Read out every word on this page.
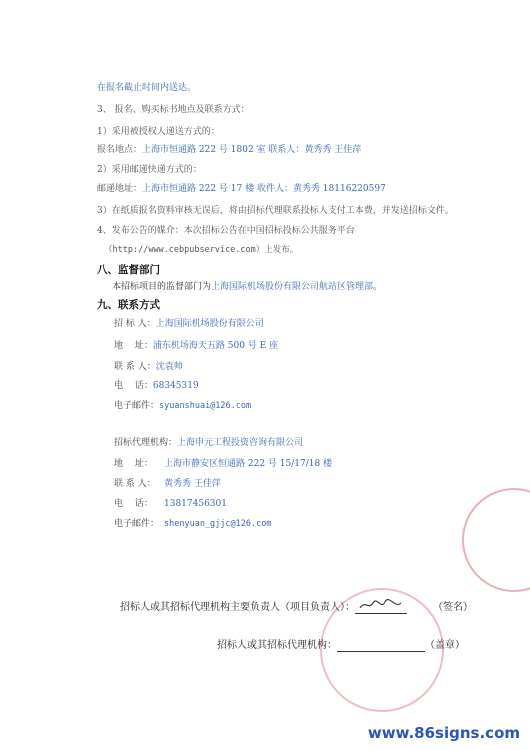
在报名截止时间内送达。
3、 报名、购买标书地点及联系方式：
1）采用被授权人递送方式的：
报名地点：上海市恒通路 222 号 1802 室 联系人：黄秀秀 王佳萍
2）采用邮递快递方式的：
邮递地址：上海市恒通路 222 号 17 楼 收件人：黄秀秀 18116220597
3）在纸质报名资料审核无误后，将由招标代理联系投标人支付工本费，并发送招标文件。
4、发布公告的媒介：本次招标公告在中国招标投标公共服务平台
（http://www.cebpubservice.com）上发布。
八、监督部门
本招标项目的监督部门为上海国际机场股份有限公司航站区管理部。
九、联系方式
招 标 人：上海国际机场股份有限公司
地　 址：浦东机场海天五路 500 号 E 座
联 系 人：沈袁帅
电　 话：68345319
电子邮件：syuanshuai@126.com
招标代理机构：上海申元工程投资咨询有限公司
地　 址： 上海市静安区恒通路 222 号 15/17/18 楼
联 系 人： 黄秀秀 王佳萍
电　 话： 13817456301
电子邮件： shenyuan_gjjc@126.com
招标人或其招标代理机构主要负责人（项目负责人）：	（签名）
招标人或其招标代理机构：	（盖章）
www.86signs.com
